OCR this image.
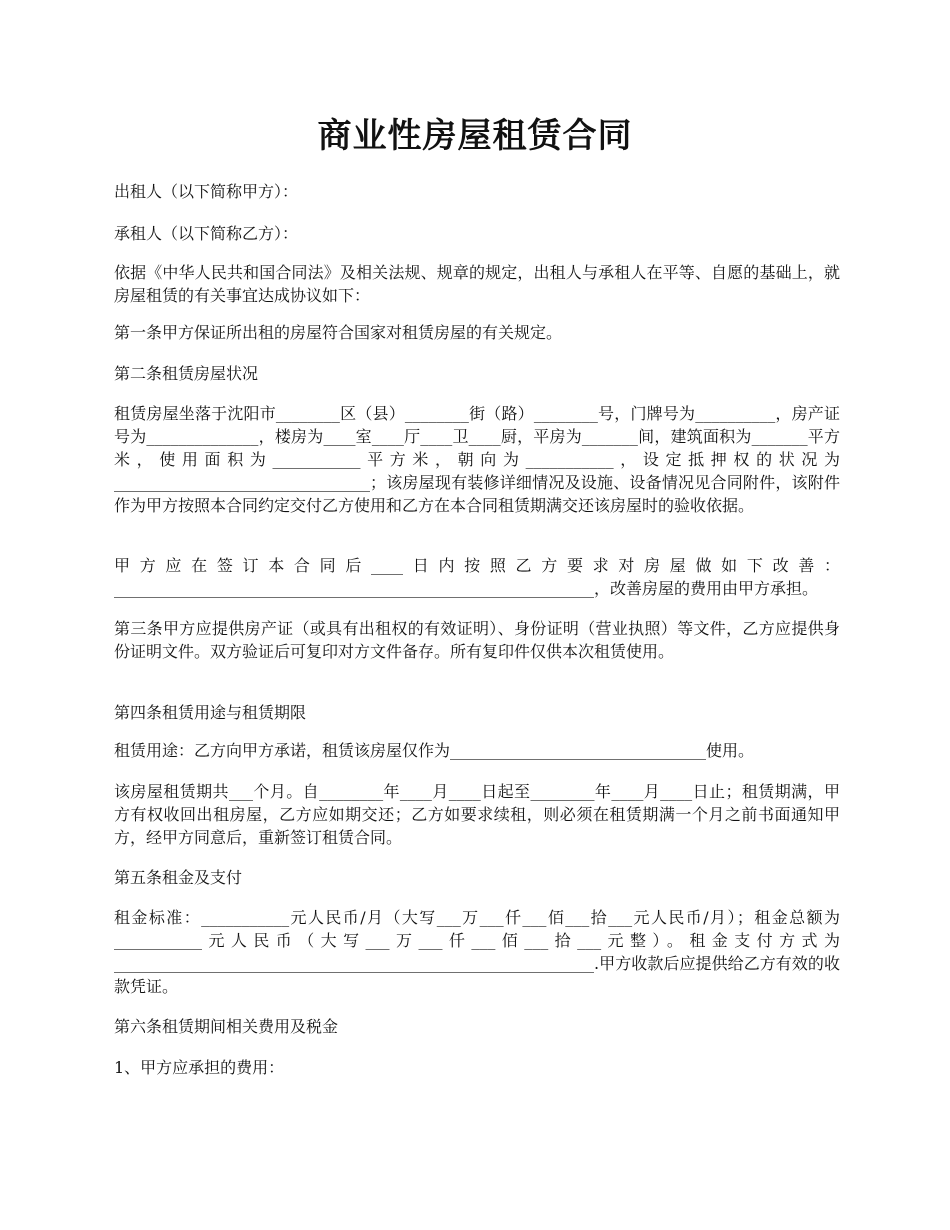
商业性房屋租赁合同

出租人（以下简称甲方）：

承租人（以下简称乙方）：

依据《中华人民共和国合同法》及相关法规、规章的规定，出租人与承租人在平等、自愿的基础上，就房屋租赁的有关事宜达成协议如下：

第一条甲方保证所出租的房屋符合国家对租赁房屋的有关规定。

第二条租赁房屋状况

租赁房屋坐落于沈阳市________区（县）________街（路）________号，门牌号为__________，房产证号为______________，楼房为____室____厅____卫____厨，平房为_______间，建筑面积为_______平方米，使用面积为___________平方米，朝向为___________，设定抵押权的状况为________________________________；该房屋现有装修详细情况及设施、设备情况见合同附件，该附件作为甲方按照本合同约定交付乙方使用和乙方在本合同租赁期满交还该房屋时的验收依据。

甲方应在签订本合同后____日内按照乙方要求对房屋做如下改善：____________________________________________________________，改善房屋的费用由甲方承担。

第三条甲方应提供房产证（或具有出租权的有效证明）、身份证明（营业执照）等文件，乙方应提供身份证明文件。双方验证后可复印对方文件备存。所有复印件仅供本次租赁使用。

第四条租赁用途与租赁期限

租赁用途：乙方向甲方承诺，租赁该房屋仅作为________________________________使用。

该房屋租赁期共___个月。自________年____月____日起至________年____月____日止；租赁期满，甲方有权收回出租房屋，乙方应如期交还；乙方如要求续租，则必须在租赁期满一个月之前书面通知甲方，经甲方同意后，重新签订租赁合同。

第五条租金及支付

租金标准：___________元人民币/月（大写___万___仟___佰___拾___元人民币/月）；租金总额为___________元人民币（大写___万___仟___佰___拾___元整）。租金支付方式为____________________________________________________________.甲方收款后应提供给乙方有效的收款凭证。

第六条租赁期间相关费用及税金

1、甲方应承担的费用：
